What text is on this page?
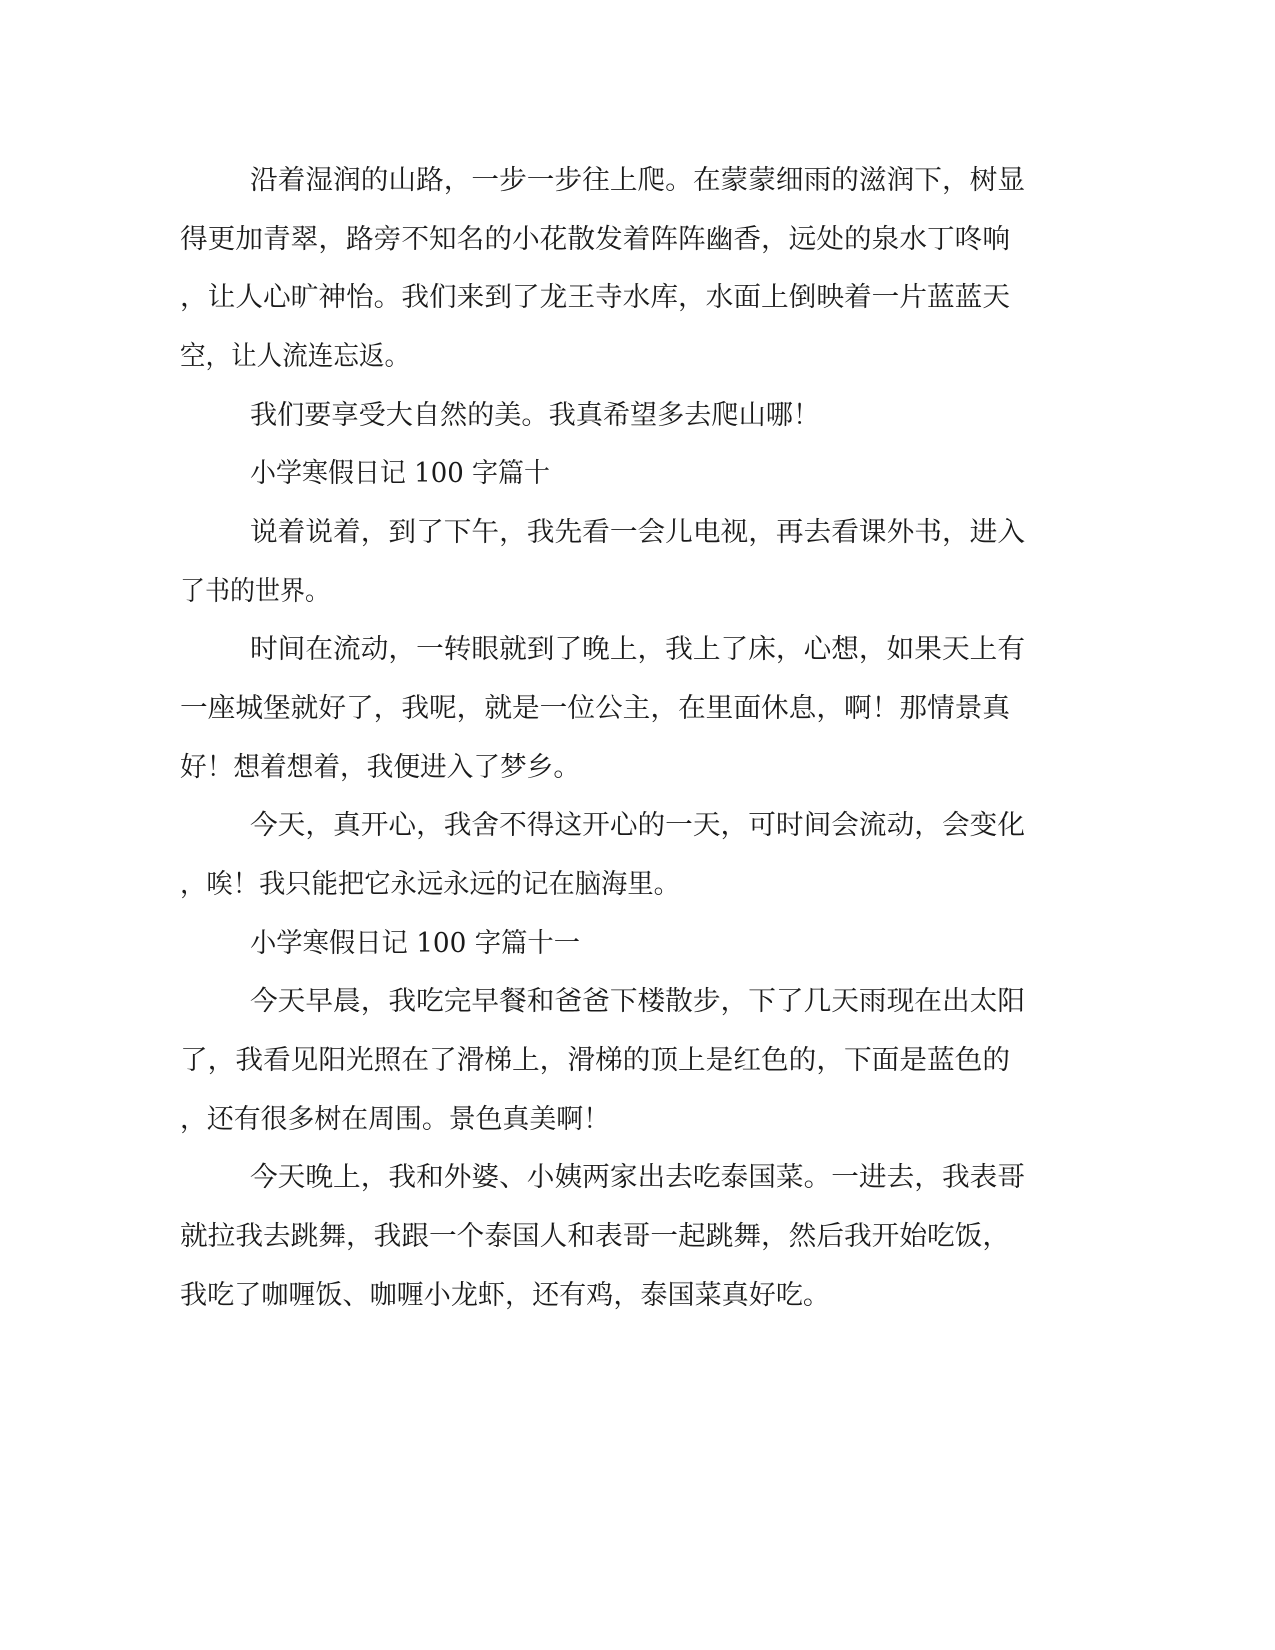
沿着湿润的山路，一步一步往上爬。在蒙蒙细雨的滋润下，树显
得更加青翠，路旁不知名的小花散发着阵阵幽香，远处的泉水丁咚响
，让人心旷神怡。我们来到了龙王寺水库，水面上倒映着一片蓝蓝天
空，让人流连忘返。
我们要享受大自然的美。我真希望多去爬山哪！
小学寒假日记 100 字篇十
说着说着，到了下午，我先看一会儿电视，再去看课外书，进入
了书的世界。
时间在流动，一转眼就到了晚上，我上了床，心想，如果天上有
一座城堡就好了，我呢，就是一位公主，在里面休息，啊！那情景真
好！想着想着，我便进入了梦乡。
今天，真开心，我舍不得这开心的一天，可时间会流动，会变化
，唉！我只能把它永远永远的记在脑海里。
小学寒假日记 100 字篇十一
今天早晨，我吃完早餐和爸爸下楼散步，下了几天雨现在出太阳
了，我看见阳光照在了滑梯上，滑梯的顶上是红色的，下面是蓝色的
，还有很多树在周围。景色真美啊！
今天晚上，我和外婆、小姨两家出去吃泰国菜。一进去，我表哥
就拉我去跳舞，我跟一个泰国人和表哥一起跳舞，然后我开始吃饭，
我吃了咖喱饭、咖喱小龙虾，还有鸡，泰国菜真好吃。
